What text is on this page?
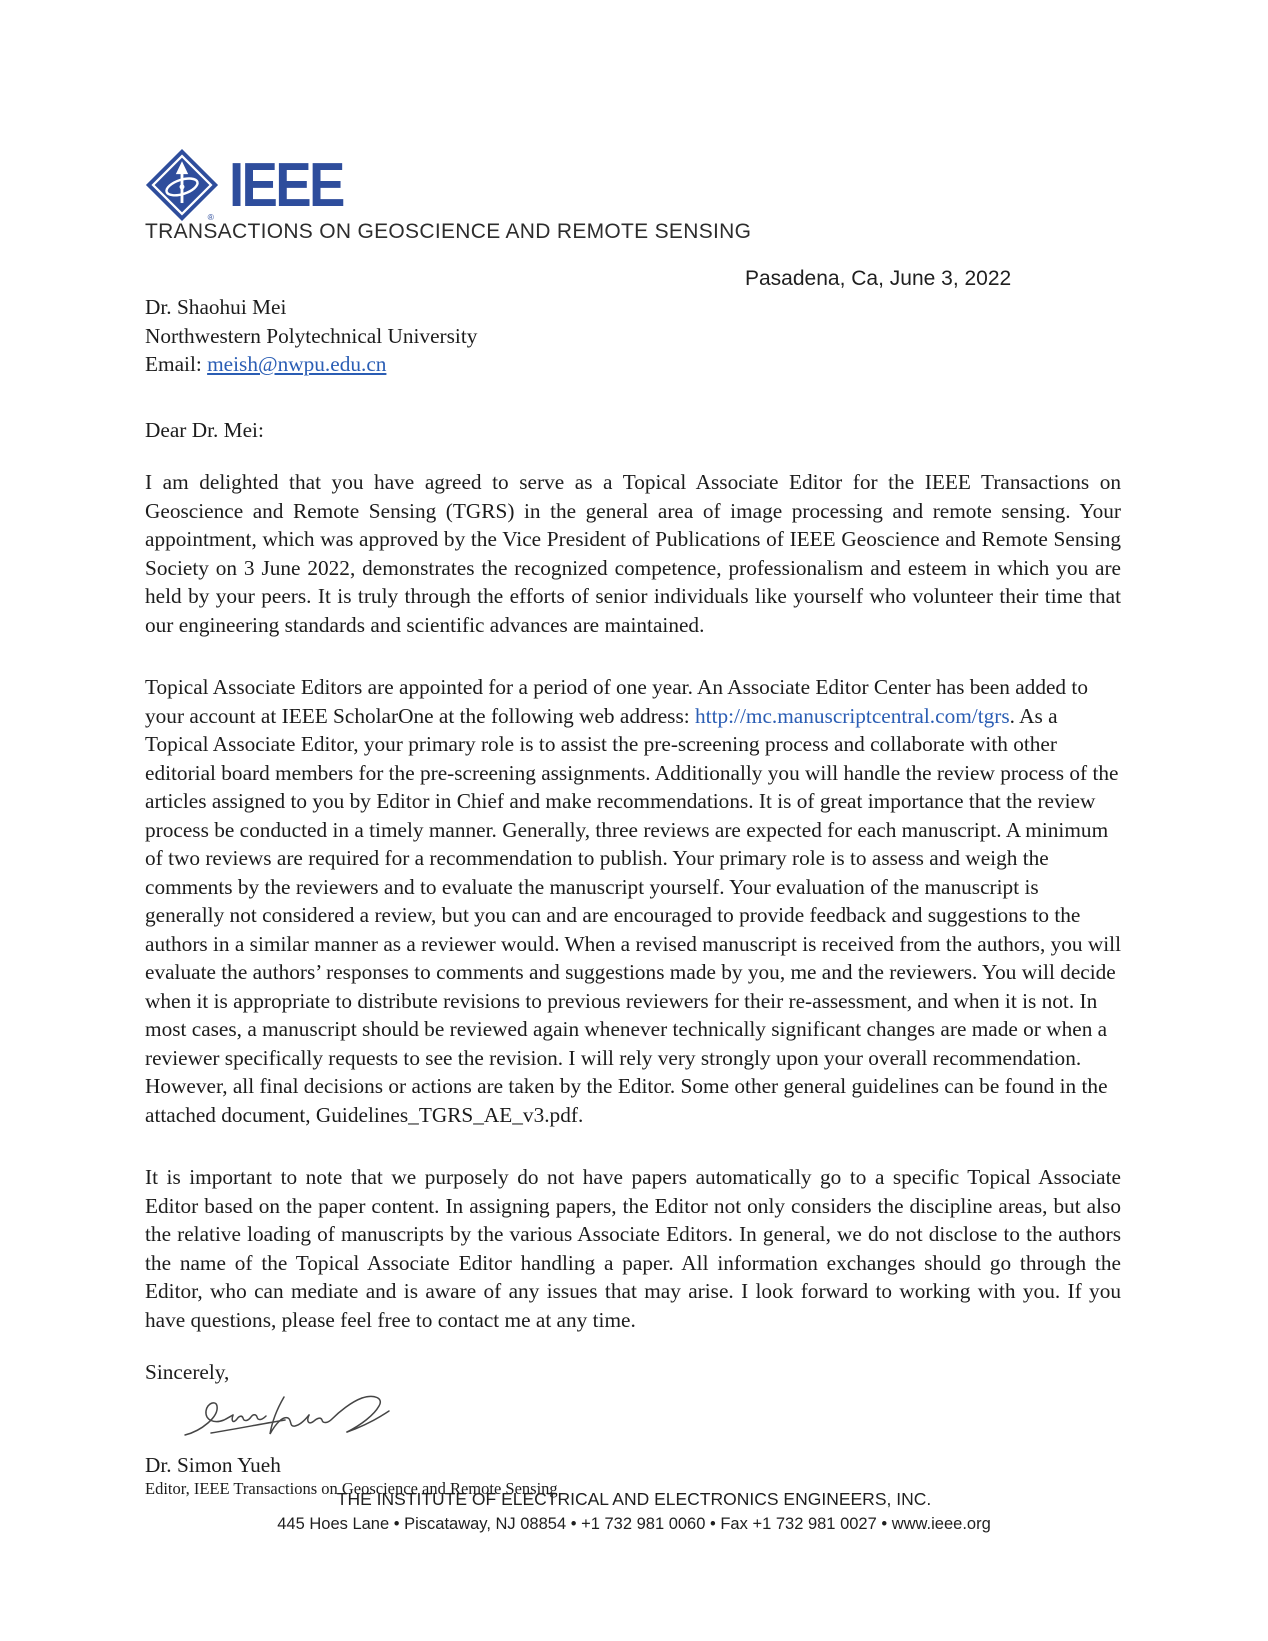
® IEEE
TRANSACTIONS ON GEOSCIENCE AND REMOTE SENSING
Pasadena, Ca, June 3, 2022
Dr. Shaohui Mei
Northwestern Polytechnical University
Email: meish@nwpu.edu.cn
Dear Dr. Mei:

I am delighted that you have agreed to serve as a Topical Associate Editor for the IEEE Transactions on Geoscience and Remote Sensing (TGRS) in the general area of image processing and remote sensing. Your appointment, which was approved by the Vice President of Publications of IEEE Geoscience and Remote Sensing Society on 3 June 2022, demonstrates the recognized competence, professionalism and esteem in which you are held by your peers. It is truly through the efforts of senior individuals like yourself who volunteer their time that our engineering standards and scientific advances are maintained.

Topical Associate Editors are appointed for a period of one year. An Associate Editor Center has been added to your account at IEEE ScholarOne at the following web address: http://mc.manuscriptcentral.com/tgrs. As a Topical Associate Editor, your primary role is to assist the pre-screening process and collaborate with other editorial board members for the pre-screening assignments. Additionally you will handle the review process of the articles assigned to you by Editor in Chief and make recommendations. It is of great importance that the review process be conducted in a timely manner. Generally, three reviews are expected for each manuscript. A minimum of two reviews are required for a recommendation to publish. Your primary role is to assess and weigh the comments by the reviewers and to evaluate the manuscript yourself. Your evaluation of the manuscript is generally not considered a review, but you can and are encouraged to provide feedback and suggestions to the authors in a similar manner as a reviewer would. When a revised manuscript is received from the authors, you will evaluate the authors’ responses to comments and suggestions made by you, me and the reviewers. You will decide when it is appropriate to distribute revisions to previous reviewers for their re-assessment, and when it is not. In most cases, a manuscript should be reviewed again whenever technically significant changes are made or when a reviewer specifically requests to see the revision. I will rely very strongly upon your overall recommendation. However, all final decisions or actions are taken by the Editor. Some other general guidelines can be found in the attached document, Guidelines_TGRS_AE_v3.pdf.

It is important to note that we purposely do not have papers automatically go to a specific Topical Associate Editor based on the paper content. In assigning papers, the Editor not only considers the discipline areas, but also the relative loading of manuscripts by the various Associate Editors. In general, we do not disclose to the authors the name of the Topical Associate Editor handling a paper. All information exchanges should go through the Editor, who can mediate and is aware of any issues that may arise. I look forward to working with you. If you have questions, please feel free to contact me at any time.

Sincerely,
Dr. Simon Yueh
Editor, IEEE Transactions on Geoscience and Remote Sensing
THE INSTITUTE OF ELECTRICAL AND ELECTRONICS ENGINEERS, INC.
445 Hoes Lane • Piscataway, NJ 08854 • +1 732 981 0060 • Fax +1 732 981 0027 • www.ieee.org
